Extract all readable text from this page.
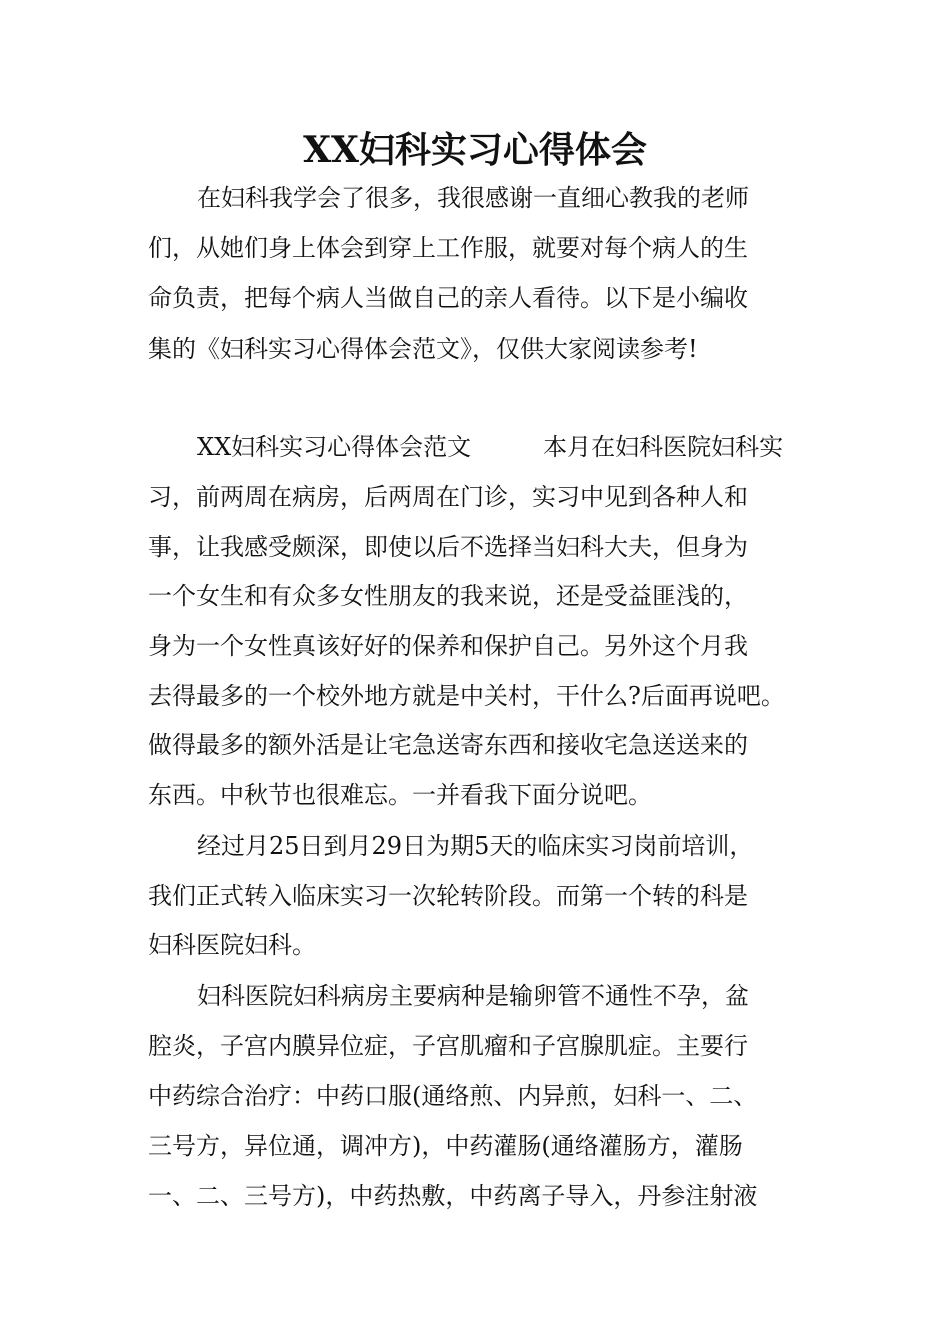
XX妇科实习心得体会
在妇科我学会了很多，我很感谢一直细心教我的老师
们，从她们身上体会到穿上工作服，就要对每个病人的生
命负责，把每个病人当做自己的亲人看待。以下是小编收
集的《妇科实习心得体会范文》，仅供大家阅读参考!
XX妇科实习心得体会范文　　　本月在妇科医院妇科实
习，前两周在病房，后两周在门诊，实习中见到各种人和
事，让我感受颇深，即使以后不选择当妇科大夫，但身为
一个女生和有众多女性朋友的我来说，还是受益匪浅的，
身为一个女性真该好好的保养和保护自己。另外这个月我
去得最多的一个校外地方就是中关村，干什么?后面再说吧。
做得最多的额外活是让宅急送寄东西和接收宅急送送来的
东西。中秋节也很难忘。一并看我下面分说吧。
经过月25日到月29日为期5天的临床实习岗前培训，
我们正式转入临床实习一次轮转阶段。而第一个转的科是
妇科医院妇科。
妇科医院妇科病房主要病种是输卵管不通性不孕，盆
腔炎，子宫内膜异位症，子宫肌瘤和子宫腺肌症。主要行
中药综合治疗：中药口服(通络煎、内异煎，妇科一、二、
三号方，异位通，调冲方)，中药灌肠(通络灌肠方，灌肠
一、二、三号方)，中药热敷，中药离子导入，丹参注射液
